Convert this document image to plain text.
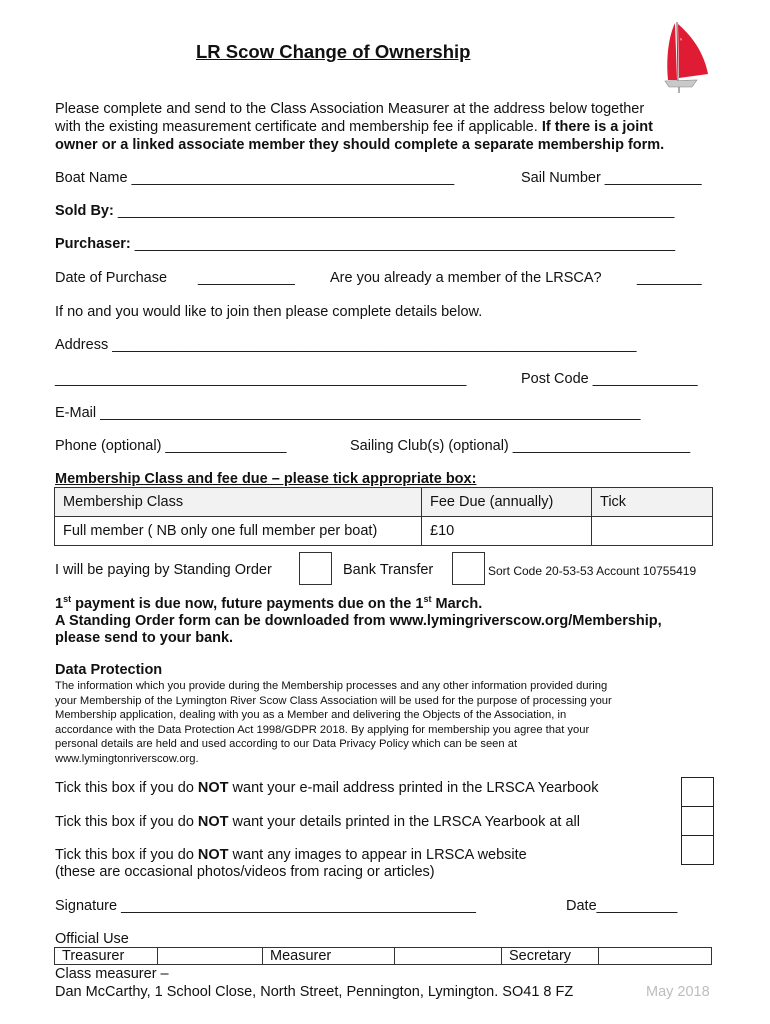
LR Scow Change of Ownership
Please complete and send to the Class Association Measurer at the address below together
with the existing measurement certificate and membership fee if applicable. If there is a joint
owner or a linked associate member they should complete a separate membership form.
Boat Name ________________________________________	Sail Number ____________
Sold By: _____________________________________________________________________
Purchaser: ___________________________________________________________________
Date of Purchase ____________ Are you already a member of the LRSCA? ________
If no and you would like to join then please complete details below.
Address _________________________________________________________________
___________________________________________________	Post Code _____________
E-Mail ___________________________________________________________________
Phone (optional) _______________	Sailing Club(s) (optional) ______________________
Membership Class and fee due – please tick appropriate box:
Membership Class	Fee Due (annually)	Tick
Full member ( NB only one full member per boat)	£10	
I will be paying by Standing Order	Bank Transfer	Sort Code 20-53-53 Account 10755419
1st payment is due now, future payments due on the 1st March.
A Standing Order form can be downloaded from www.lymingriverscow.org/Membership,
please send to your bank.
Data Protection
The information which you provide during the Membership processes and any other information provided during
your Membership of the Lymington River Scow Class Association will be used for the purpose of processing your
Membership application, dealing with you as a Member and delivering the Objects of the Association, in
accordance with the Data Protection Act 1998/GDPR 2018. By applying for membership you agree that your
personal details are held and used according to our Data Privacy Policy which can be seen at
www.lymingtonriverscow.org.
Tick this box if you do NOT want your e-mail address printed in the LRSCA Yearbook
Tick this box if you do NOT want your details printed in the LRSCA Yearbook at all
Tick this box if you do NOT want any images to appear in LRSCA website
(these are occasional photos/videos from racing or articles)
Signature ____________________________________________	Date__________
Official Use
Treasurer		Measurer		Secretary	
Class measurer –
Dan McCarthy, 1 School Close, North Street, Pennington, Lymington. SO41 8 FZ	May 2018
